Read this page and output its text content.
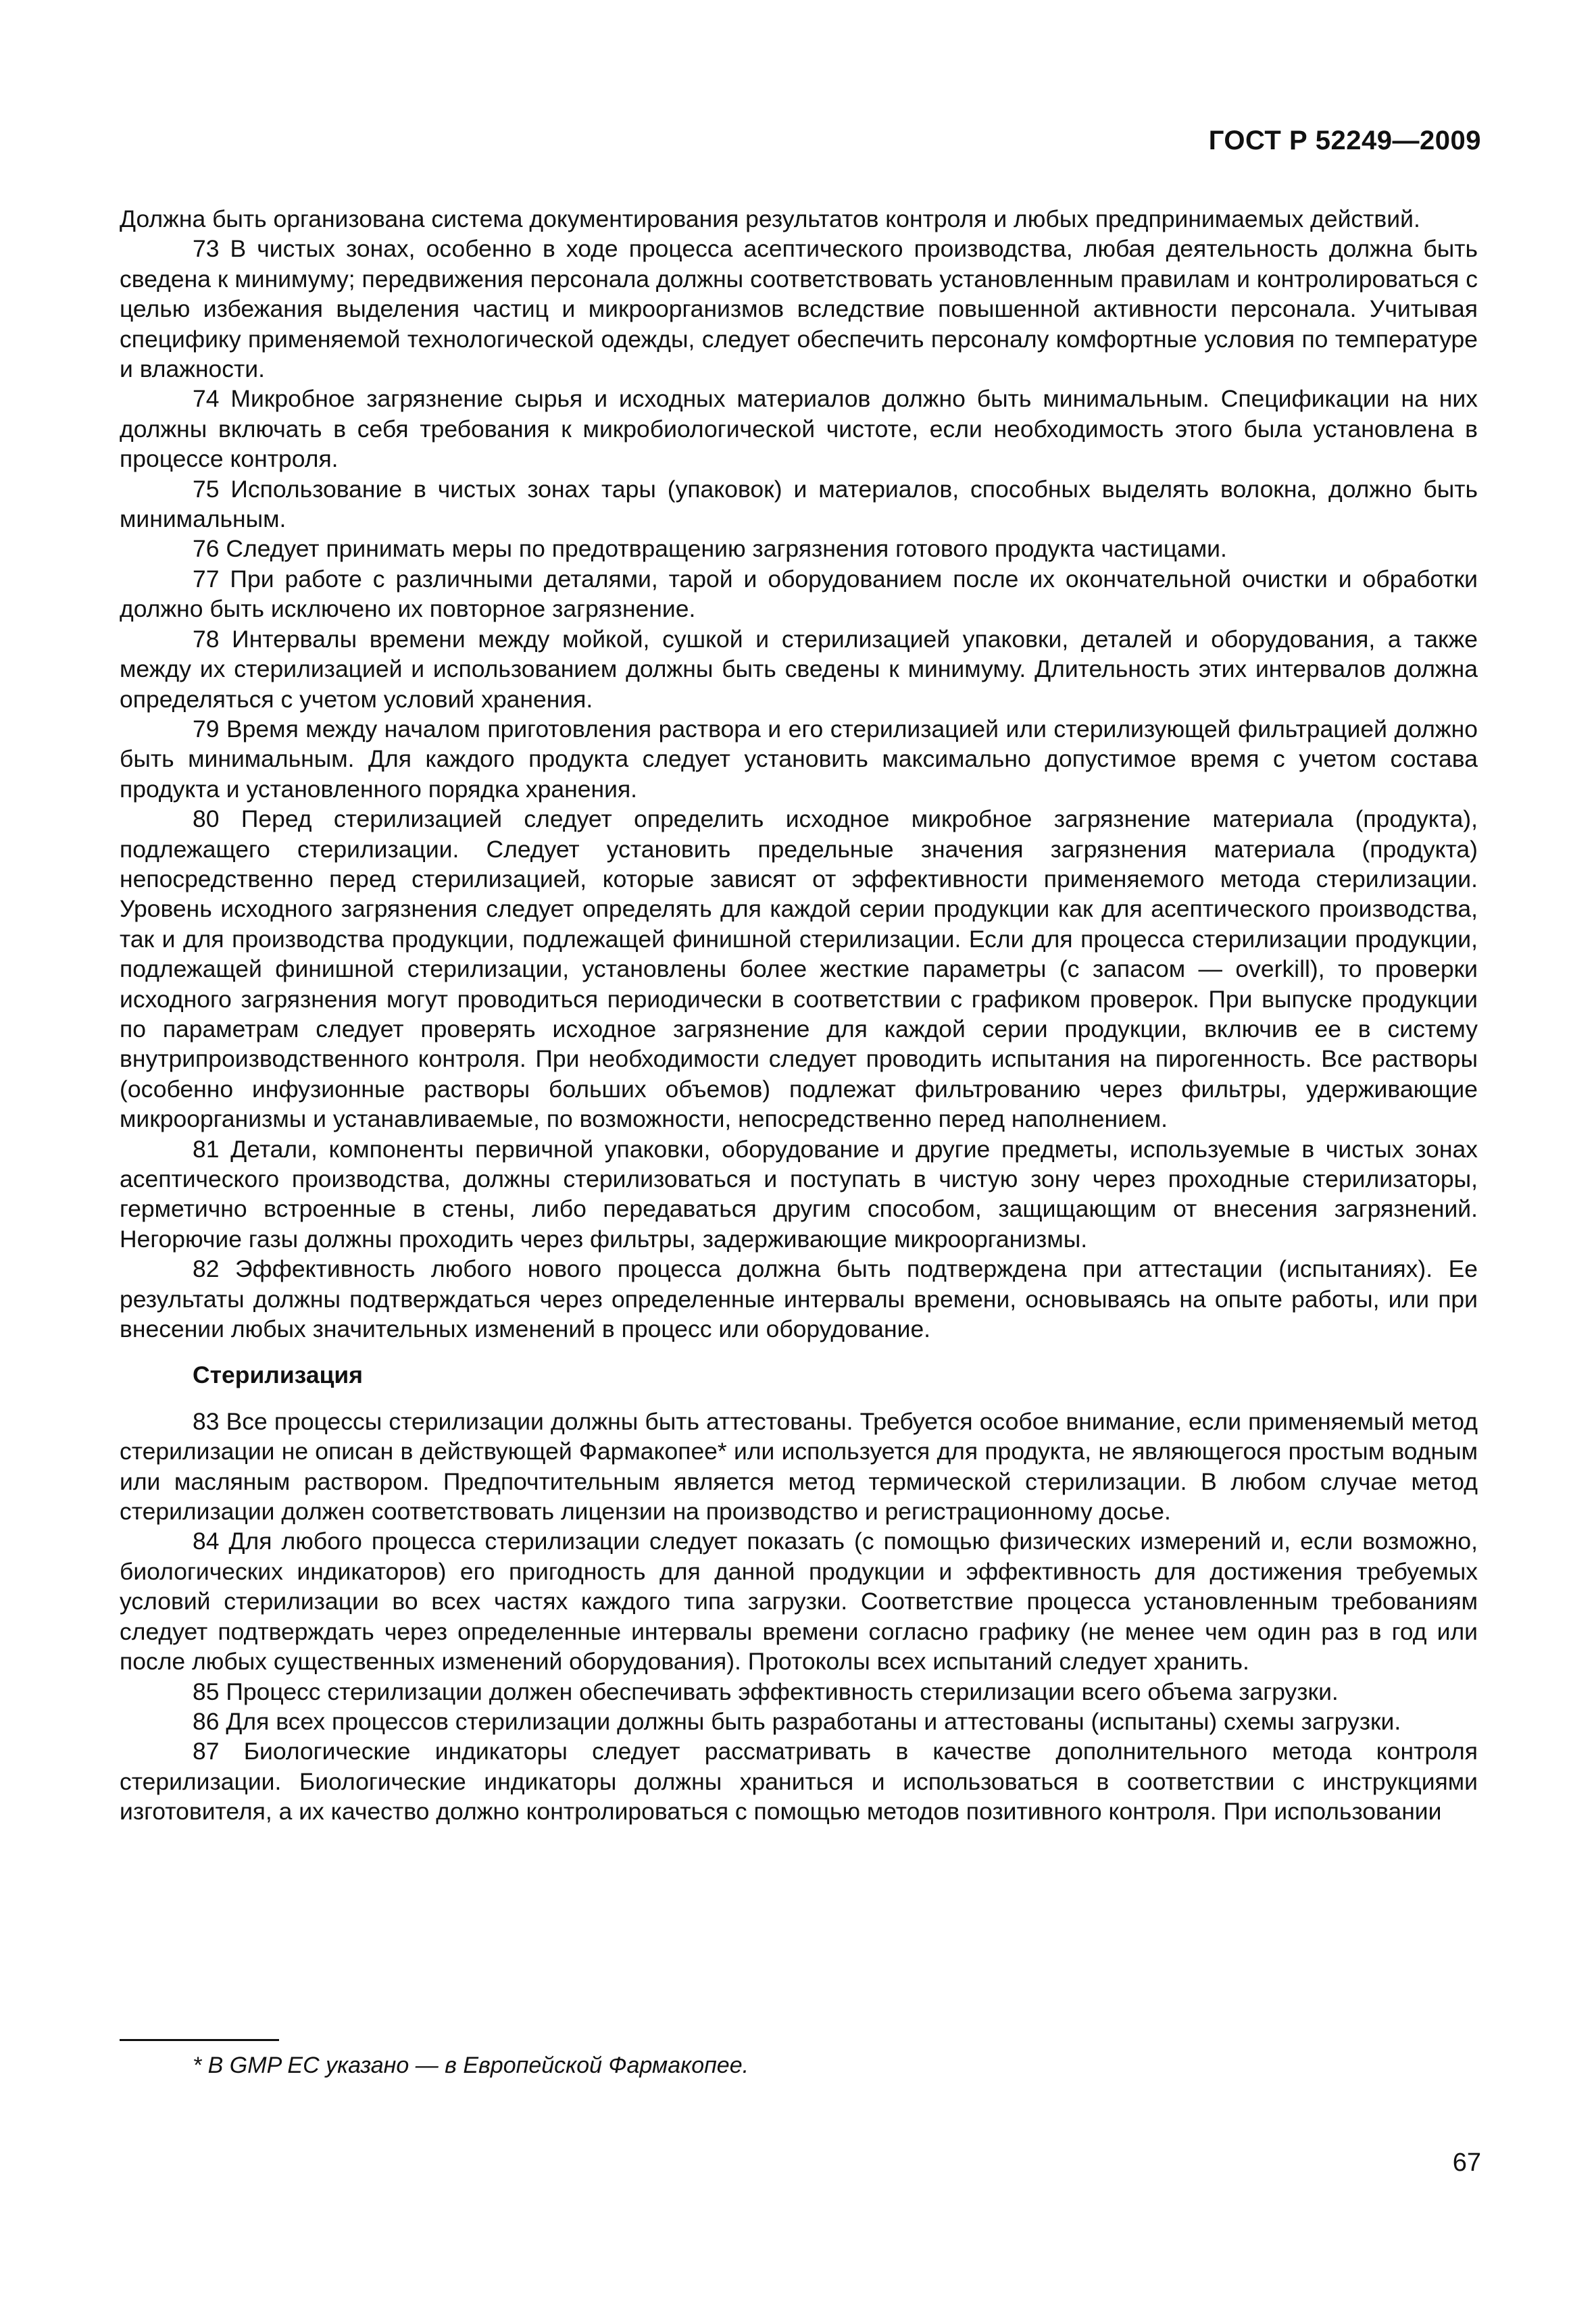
ГОСТ Р 52249—2009

Должна быть организована система документирования результатов контроля и любых предпринимаемых действий.

73 В чистых зонах, особенно в ходе процесса асептического производства, любая деятельность должна быть сведена к минимуму; передвижения персонала должны соответствовать установленным правилам и контролироваться с целью избежания выделения частиц и микроорганизмов вследствие повышенной активности персонала. Учитывая специфику применяемой технологической одежды, следует обеспечить персоналу комфортные условия по температуре и влажности.

74 Микробное загрязнение сырья и исходных материалов должно быть минимальным. Спецификации на них должны включать в себя требования к микробиологической чистоте, если необходимость этого была установлена в процессе контроля.

75 Использование в чистых зонах тары (упаковок) и материалов, способных выделять волокна, должно быть минимальным.

76 Следует принимать меры по предотвращению загрязнения готового продукта частицами.

77 При работе с различными деталями, тарой и оборудованием после их окончательной очистки и обработки должно быть исключено их повторное загрязнение.

78 Интервалы времени между мойкой, сушкой и стерилизацией упаковки, деталей и оборудования, а также между их стерилизацией и использованием должны быть сведены к минимуму. Длительность этих интервалов должна определяться с учетом условий хранения.

79 Время между началом приготовления раствора и его стерилизацией или стерилизующей фильтрацией должно быть минимальным. Для каждого продукта следует установить максимально допустимое время с учетом состава продукта и установленного порядка хранения.

80 Перед стерилизацией следует определить исходное микробное загрязнение материала (продукта), подлежащего стерилизации. Следует установить предельные значения загрязнения материала (продукта) непосредственно перед стерилизацией, которые зависят от эффективности применяемого метода стерилизации. Уровень исходного загрязнения следует определять для каждой серии продукции как для асептического производства, так и для производства продукции, подлежащей финишной стерилизации. Если для процесса стерилизации продукции, подлежащей финишной стерилизации, установлены более жесткие параметры (с запасом — overkill), то проверки исходного загрязнения могут проводиться периодически в соответствии с графиком проверок. При выпуске продукции по параметрам следует проверять исходное загрязнение для каждой серии продукции, включив ее в систему внутрипроизводственного контроля. При необходимости следует проводить испытания на пирогенность. Все растворы (особенно инфузионные растворы больших объемов) подлежат фильтрованию через фильтры, удерживающие микроорганизмы и устанавливаемые, по возможности, непосредственно перед наполнением.

81 Детали, компоненты первичной упаковки, оборудование и другие предметы, используемые в чистых зонах асептического производства, должны стерилизоваться и поступать в чистую зону через проходные стерилизаторы, герметично встроенные в стены, либо передаваться другим способом, защищающим от внесения загрязнений. Негорючие газы должны проходить через фильтры, задерживающие микроорганизмы.

82 Эффективность любого нового процесса должна быть подтверждена при аттестации (испытаниях). Ее результаты должны подтверждаться через определенные интервалы времени, основываясь на опыте работы, или при внесении любых значительных изменений в процесс или оборудование.

Стерилизация

83 Все процессы стерилизации должны быть аттестованы. Требуется особое внимание, если применяемый метод стерилизации не описан в действующей Фармакопее* или используется для продукта, не являющегося простым водным или масляным раствором. Предпочтительным является метод термической стерилизации. В любом случае метод стерилизации должен соответствовать лицензии на производство и регистрационному досье.

84 Для любого процесса стерилизации следует показать (с помощью физических измерений и, если возможно, биологических индикаторов) его пригодность для данной продукции и эффективность для достижения требуемых условий стерилизации во всех частях каждого типа загрузки. Соответствие процесса установленным требованиям следует подтверждать через определенные интервалы времени согласно графику (не менее чем один раз в год или после любых существенных изменений оборудования). Протоколы всех испытаний следует хранить.

85 Процесс стерилизации должен обеспечивать эффективность стерилизации всего объема загрузки.

86 Для всех процессов стерилизации должны быть разработаны и аттестованы (испытаны) схемы загрузки.

87 Биологические индикаторы следует рассматривать в качестве дополнительного метода контроля стерилизации. Биологические индикаторы должны храниться и использоваться в соответствии с инструкциями изготовителя, а их качество должно контролироваться с помощью методов позитивного контроля. При использовании

* В GMP ЕС указано — в Европейской Фармакопее.
67
